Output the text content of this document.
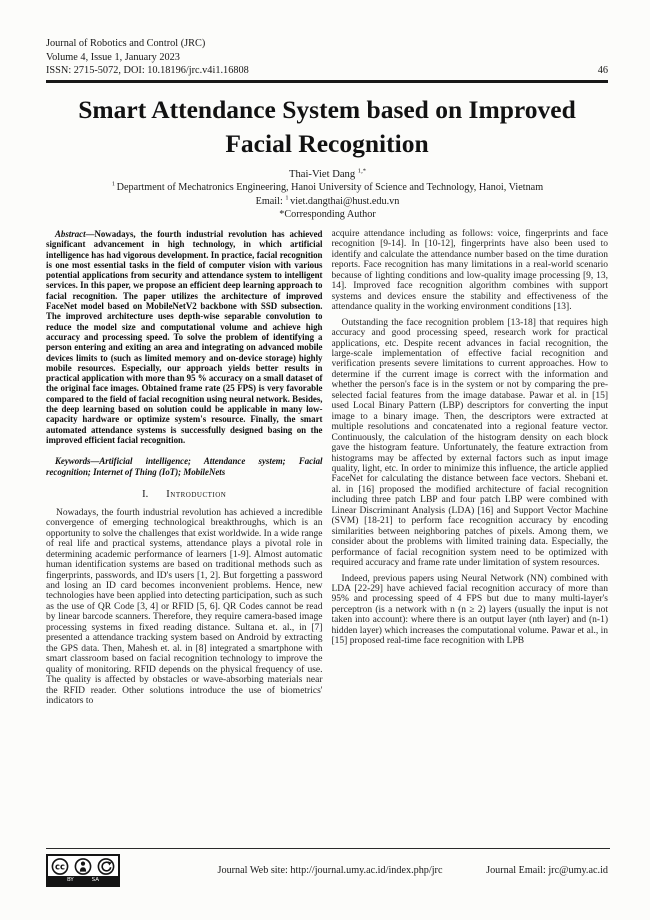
Journal of Robotics and Control (JRC)
Volume 4, Issue 1, January 2023
ISSN: 2715-5072, DOI: 10.18196/jrc.v4i1.16808	46
Smart Attendance System based on Improved Facial Recognition
Thai-Viet Dang $^{1,*}$
$^1$ Department of Mechatronics Engineering, Hanoi University of Science and Technology, Hanoi, Vietnam
Email: $^1$ viet.dangthai@hust.edu.vn
*Corresponding Author

Abstract—Nowadays, the fourth industrial revolution has achieved significant advancement in high technology, in which artificial intelligence has had vigorous development. In practice, facial recognition is one most essential tasks in the field of computer vision with various potential applications from security and attendance system to intelligent services. In this paper, we propose an efficient deep learning approach to facial recognition. The paper utilizes the architecture of improved FaceNet model based on MobileNetV2 backbone with SSD subsection. The improved architecture uses depth-wise separable convolution to reduce the model size and computational volume and achieve high accuracy and processing speed. To solve the problem of identifying a person entering and exiting an area and integrating on advanced mobile devices limits to (such as limited memory and on-device storage) highly mobile resources. Especially, our approach yields better results in practical application with more than 95 % accuracy on a small dataset of the original face images. Obtained frame rate (25 FPS) is very favorable compared to the field of facial recognition using neural network. Besides, the deep learning based on solution could be applicable in many low-capacity hardware or optimize system's resource. Finally, the smart automated attendance systems is successfully designed basing on the improved efficient facial recognition.

Keywords—Artificial intelligence; Attendance system; Facial recognition; Internet of Thing (IoT); MobileNets

I. Introduction

Nowadays, the fourth industrial revolution has achieved a incredible convergence of emerging technological breakthroughs, which is an opportunity to solve the challenges that exist worldwide. In a wide range of real life and practical systems, attendance plays a pivotal role in determining academic performance of learners [1-9]. Almost automatic human identification systems are based on traditional methods such as fingerprints, passwords, and ID's users [1, 2]. But forgetting a password and losing an ID card becomes inconvenient problems. Hence, new technologies have been applied into detecting participation, such as such as the use of QR Code [3, 4] or RFID [5, 6]. QR Codes cannot be read by linear barcode scanners. Therefore, they require camera-based image processing systems in fixed reading distance. Sultana et. al., in [7] presented a attendance tracking system based on Android by extracting the GPS data. Then, Mahesh et. al. in [8] integrated a smartphone with smart classroom based on facial recognition technology to improve the quality of monitoring. RFID depends on the physical frequency of use. The quality is affected by obstacles or wave-absorbing materials near the RFID reader. Other solutions introduce the use of biometrics' indicators to

acquire attendance including as follows: voice, fingerprints and face recognition [9-14]. In [10-12], fingerprints have also been used to identify and calculate the attendance number based on the time duration reports. Face recognition has many limitations in a real-world scenario because of lighting conditions and low-quality image processing [9, 13, 14]. Improved face recognition algorithm combines with support systems and devices ensure the stability and effectiveness of the attendance quality in the working environment conditions [13].

Outstanding the face recognition problem [13-18] that requires high accuracy and good processing speed, research work for practical applications, etc. Despite recent advances in facial recognition, the large-scale implementation of effective facial recognition and verification presents severe limitations to current approaches. How to determine if the current image is correct with the information and whether the person's face is in the system or not by comparing the pre-selected facial features from the image database. Pawar et al. in [15] used Local Binary Pattern (LBP) descriptors for converting the input image to a binary image. Then, the descriptors were extracted at multiple resolutions and concatenated into a regional feature vector. Continuously, the calculation of the histogram density on each block gave the histogram feature. Unfortunately, the feature extraction from histograms may be affected by external factors such as input image quality, light, etc. In order to minimize this influence, the article applied FaceNet for calculating the distance between face vectors. Shebani et. al. in [16] proposed the modified architecture of facial recognition including three patch LBP and four patch LBP were combined with Linear Discriminant Analysis (LDA) [16] and Support Vector Machine (SVM) [18-21] to perform face recognition accuracy by encoding similarities between neighboring patches of pixels. Among them, we consider about the problems with limited training data. Especially, the performance of facial recognition system need to be optimized with required accuracy and frame rate under limitation of system resources.

Indeed, previous papers using Neural Network (NN) combined with LDA [22-29] have achieved facial recognition accuracy of more than 95% and processing speed of 4 FPS but due to many multi-layer's perceptron (is a network with n (n ≥ 2) layers (usually the input is not taken into account): where there is an output layer (nth layer) and (n-1) hidden layer) which increases the computational volume. Pawar et al., in [15] proposed real-time face recognition with LPB

cc
BY	SA
Journal Web site: http://journal.umy.ac.id/index.php/jrc	Journal Email: jrc@umy.ac.id
